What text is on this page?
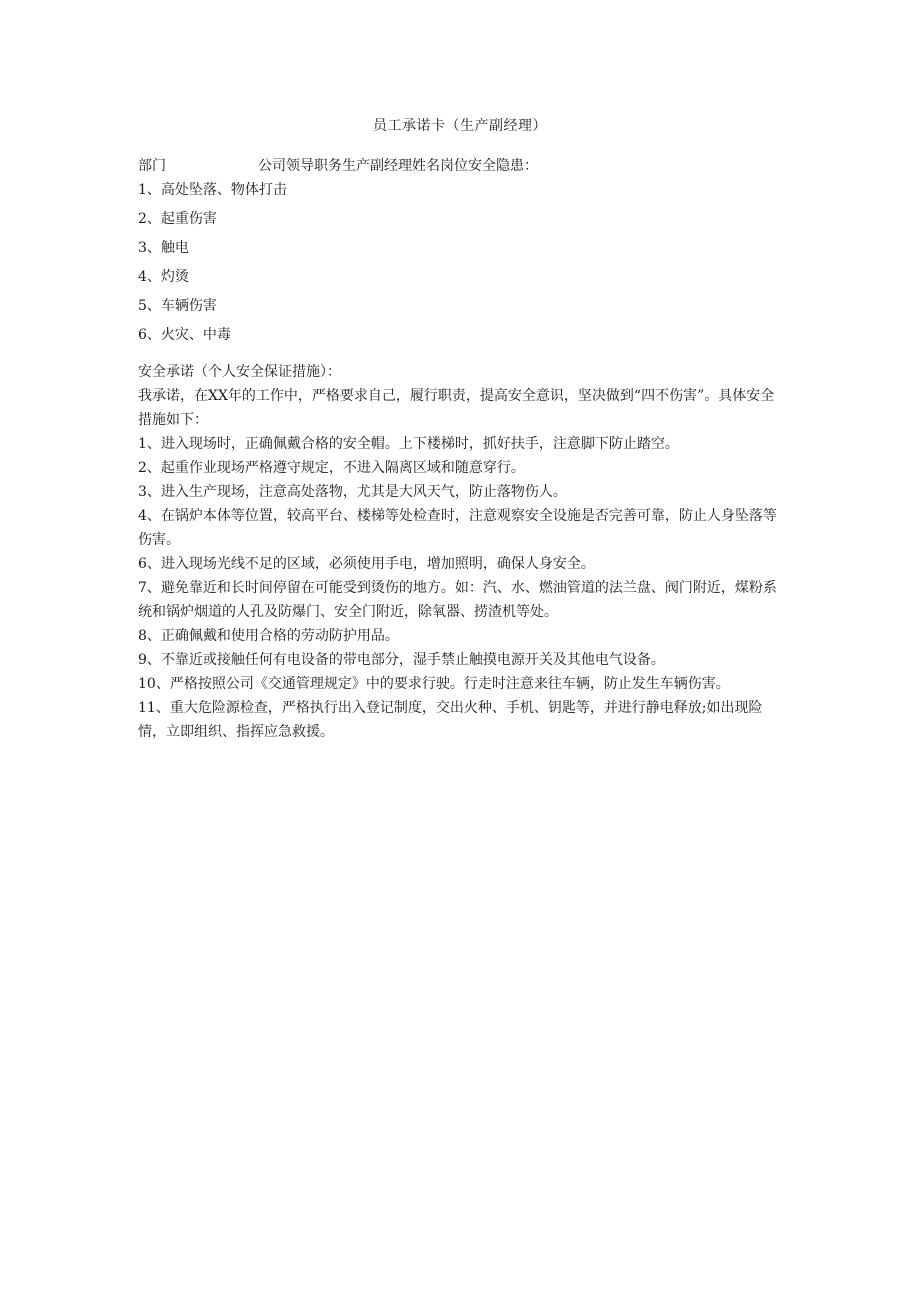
员工承诺卡（生产副经理）
部门	公司领导职务生产副经理姓名岗位安全隐患：
1、高处坠落、物体打击
2、起重伤害
3、触电
4、灼烫
5、车辆伤害
6、火灾、中毒
安全承诺（个人安全保证措施）：
我承诺，在XX年的工作中，严格要求自己，履行职责，提高安全意识，坚决做到“四不伤害”。具体安全措施如下：
1、进入现场时，正确佩戴合格的安全帽。上下楼梯时，抓好扶手，注意脚下防止踏空。
2、起重作业现场严格遵守规定，不进入隔离区域和随意穿行。
3、进入生产现场，注意高处落物，尤其是大风天气，防止落物伤人。
4、在锅炉本体等位置，较高平台、楼梯等处检查时，注意观察安全设施是否完善可靠，防止人身坠落等伤害。
6、进入现场光线不足的区域，必须使用手电，增加照明，确保人身安全。
7、避免靠近和长时间停留在可能受到烫伤的地方。如：汽、水、燃油管道的法兰盘、阀门附近，煤粉系统和锅炉烟道的人孔及防爆门、安全门附近，除氧器、捞渣机等处。
8、正确佩戴和使用合格的劳动防护用品。
9、不靠近或接触任何有电设备的带电部分，湿手禁止触摸电源开关及其他电气设备。
10、严格按照公司《交通管理规定》中的要求行驶。行走时注意来往车辆，防止发生车辆伤害。
11、重大危险源检查，严格执行出入登记制度，交出火种、手机、钥匙等，并进行静电释放;如出现险情，立即组织、指挥应急救援。
